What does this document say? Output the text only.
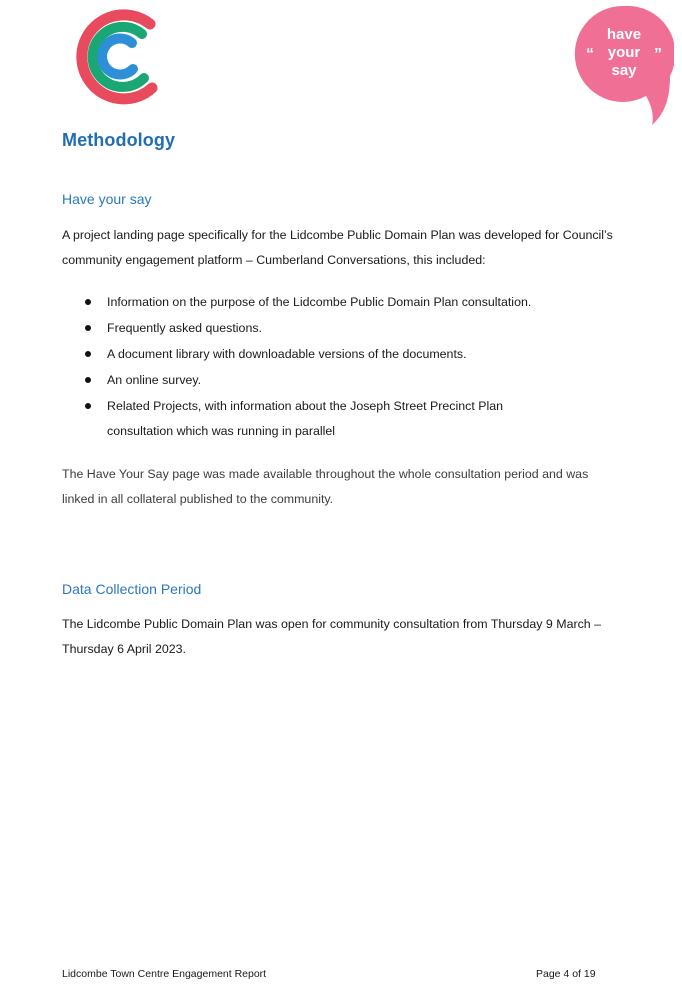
“	”
have
your
say
Methodology
Have your say

A project landing page specifically for the Lidcombe Public Domain Plan was developed for Council’s community engagement platform – Cumberland Conversations, this included:

Information on the purpose of the Lidcombe Public Domain Plan consultation.
Frequently asked questions.
A document library with downloadable versions of the documents.
An online survey.
Related Projects, with information about the Joseph Street Precinct Plan consultation which was running in parallel

The Have Your Say page was made available throughout the whole consultation period and was linked in all collateral published to the community.

Data Collection Period

The Lidcombe Public Domain Plan was open for community consultation from Thursday 9 March – Thursday 6 April 2023.

Lidcombe Town Centre Engagement Report	Page 4 of 19
